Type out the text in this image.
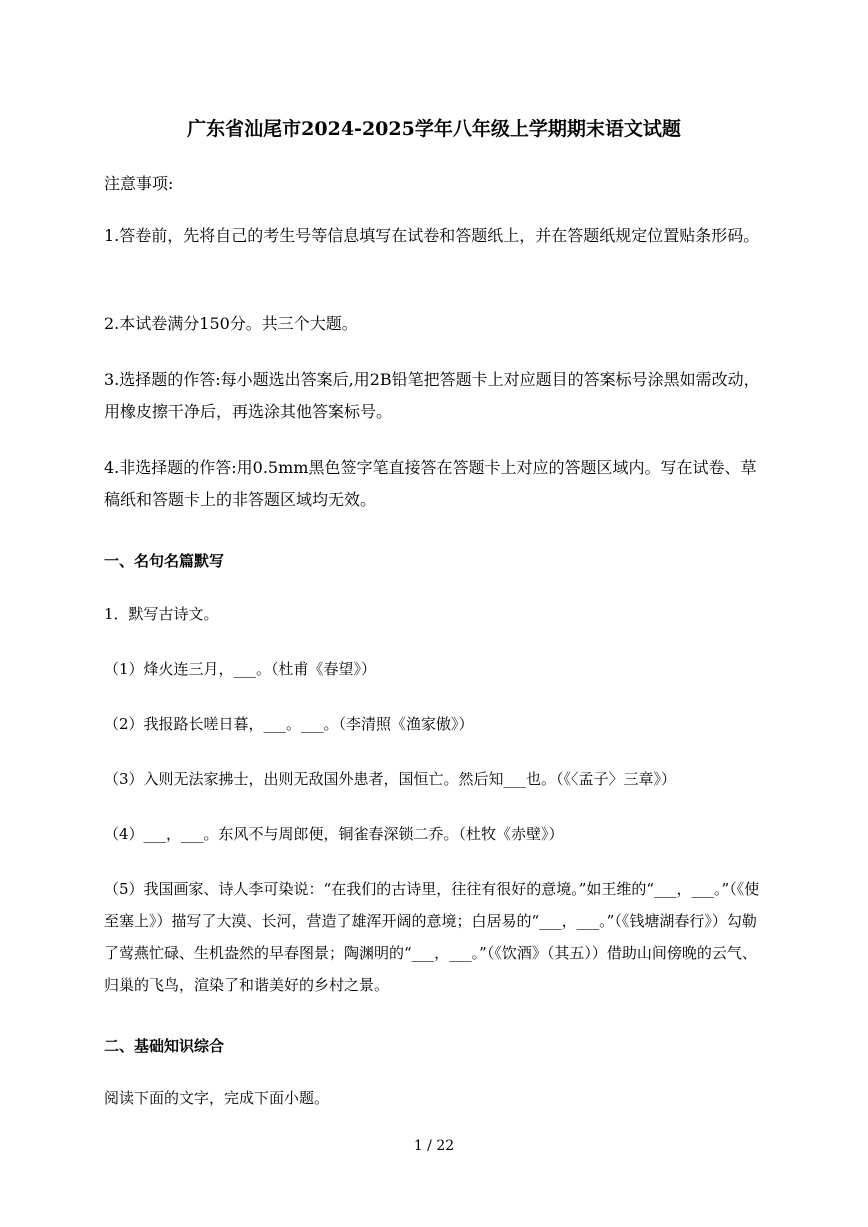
广东省汕尾市2024-2025学年八年级上学期期末语文试题

注意事项:

1.答卷前，先将自己的考生号等信息填写在试卷和答题纸上，并在答题纸规定位置贴条形码。

2.本试卷满分150分。共三个大题。

3.选择题的作答:每小题选出答案后,用2B铅笔把答题卡上对应题目的答案标号涂黑如需改动，用橡皮擦干净后，再选涂其他答案标号。

4.非选择题的作答:用0.5mm黑色签字笔直接答在答题卡上对应的答题区域内。写在试卷、草稿纸和答题卡上的非答题区域均无效。

一、名句名篇默写

1．默写古诗文。

（1）烽火连三月，___。（杜甫《春望》）

（2）我报路长嗟日暮，___。___。（李清照《渔家傲》）

（3）入则无法家拂士，出则无敌国外患者，国恒亡。然后知___也。（《〈孟子〉三章》）

（4）___，___。东风不与周郎便，铜雀春深锁二乔。（杜牧《赤壁》）

（5）我国画家、诗人李可染说：“在我们的古诗里，往往有很好的意境。”如王维的“___，___。”（《使至塞上》）描写了大漠、长河，营造了雄浑开阔的意境；白居易的“___，___。”（《钱塘湖春行》）勾勒了莺燕忙碌、生机盎然的早春图景；陶渊明的“___，___。”（《饮酒》（其五））借助山间傍晚的云气、归巢的飞鸟，渲染了和谐美好的乡村之景。

二、基础知识综合

阅读下面的文字，完成下面小题。

1 / 22
